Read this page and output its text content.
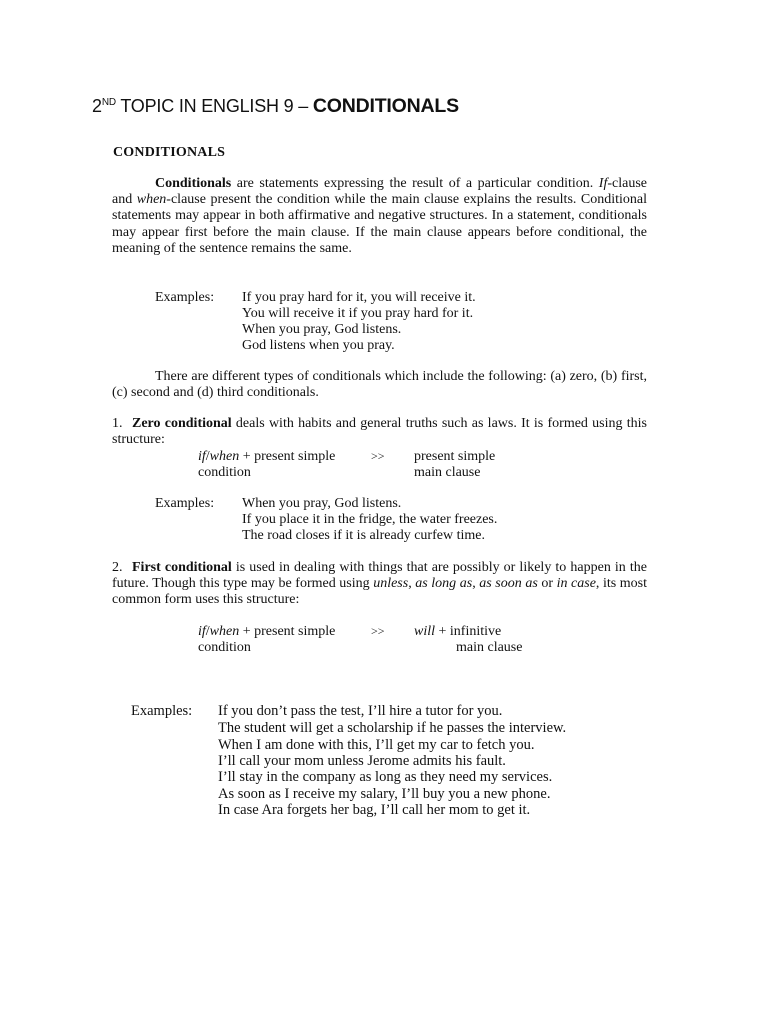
2ND TOPIC IN ENGLISH 9 – CONDITIONALS
CONDITIONALS

Conditionals are statements expressing the result of a particular condition. If-clause and when-clause present the condition while the main clause explains the results. Conditional statements may appear in both affirmative and negative structures. In a statement, conditionals may appear first before the main clause. If the main clause appears before conditional, the meaning of the sentence remains the same.

Examples: If you pray hard for it, you will receive it.
You will receive it if you pray hard for it.
When you pray, God listens.
God listens when you pray.
There are different types of conditionals which include the following: (a) zero, (b) first, (c) second and (d) third conditionals.
1. Zero conditional deals with habits and general truths such as laws. It is formed using this structure:
if/when + present simple	>> present simple
condition	main clause
Examples: When you pray, God listens.
If you place it in the fridge, the water freezes.
The road closes if it is already curfew time.
2. First conditional is used in dealing with things that are possibly or likely to happen in the future. Though this type may be formed using unless, as long as, as soon as or in case, its most common form uses this structure:
if/when + present simple	>> will + infinitive
condition	main clause
Examples: If you don’t pass the test, I’ll hire a tutor for you.
The student will get a scholarship if he passes the interview.
When I am done with this, I’ll get my car to fetch you.
I’ll call your mom unless Jerome admits his fault.
I’ll stay in the company as long as they need my services.
As soon as I receive my salary, I’ll buy you a new phone.
In case Ara forgets her bag, I’ll call her mom to get it.
